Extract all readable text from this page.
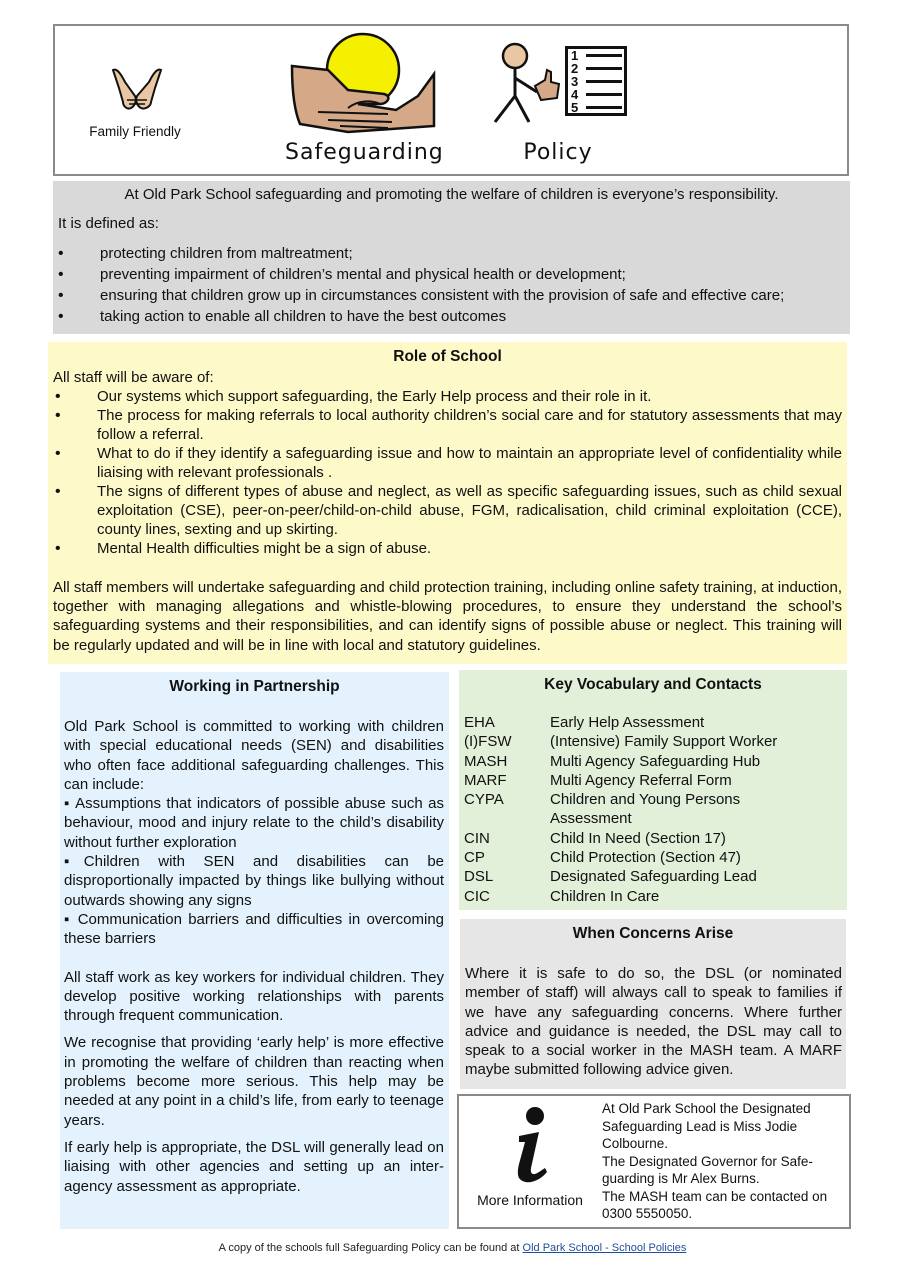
Family Friendly
Safeguarding
1
2
3
4
5
Policy
At Old Park School safeguarding and promoting the welfare of children is everyone’s responsibility.
It is defined as:
• protecting children from maltreatment;
• preventing impairment of children’s mental and physical health or development;
• ensuring that children grow up in circumstances consistent with the provision of safe and effective care;
• taking action to enable all children to have the best outcomes
Role of School
All staff will be aware of:
• Our systems which support safeguarding, the Early Help process and their role in it.
• The process for making referrals to local authority children’s social care and for statutory assessments that may follow a referral.
• What to do if they identify a safeguarding issue and how to maintain an appropriate level of confidentiality while liaising with relevant professionals .
• The signs of different types of abuse and neglect, as well as specific safeguarding issues, such as child sexual exploitation (CSE), peer-on-peer/child-on-child abuse, FGM, radicalisation, child criminal exploitation (CCE), county lines, sexting and up skirting.
• Mental Health difficulties might be a sign of abuse.

All staff members will undertake safeguarding and child protection training, including online safety training, at induction, together with managing allegations and whistle-blowing procedures, to ensure they understand the school’s safeguarding systems and their responsibilities, and can identify signs of possible abuse or neglect. This training will be regularly updated and will be in line with local and statutory guidelines.

Working in Partnership

Old Park School is committed to working with children with special educational needs (SEN) and disabilities who often face additional safeguarding challenges. This can include:

▪ Assumptions that indicators of possible abuse such as behaviour, mood and injury relate to the child’s disability without further exploration

▪Children with SEN and disabilities can be disproportionally impacted by things like bullying without outwards showing any signs

▪ Communication barriers and difficulties in overcoming these barriers

All staff work as key workers for individual children. They develop positive working relationships with parents through frequent communication.

We recognise that providing ‘early help’ is more effective in promoting the welfare of children than reacting when problems become more serious. This help may be needed at any point in a child’s life, from early to teenage years.

If early help is appropriate, the DSL will generally lead on liaising with other agencies and setting up an inter-agency assessment as appropriate.

Key Vocabulary and Contacts
EHA	Early Help Assessment
(I)FSW	(Intensive) Family Support Worker
MASH	Multi Agency Safeguarding Hub
MARF	Multi Agency Referral Form
CYPA	Children and Young Persons Assessment
CIN	Child In Need (Section 17)
CP	Child Protection (Section 47)
DSL	Designated Safeguarding Lead
CIC	Children In Care
When Concerns Arise

Where it is safe to do so, the DSL (or nominated member of staff) will always call to speak to families if we have any safeguarding concerns. Where further advice and guidance is needed, the DSL may call to speak to a social worker in the MASH team. A MARF maybe submitted following advice given.

More Information
At Old Park School the Designated Safeguarding Lead is Miss Jodie Colbourne.
The Designated Governor for Safe-guarding is Mr Alex Burns.
The MASH team can be contacted on 0300 5550050.
A copy of the schools full Safeguarding Policy can be found at Old Park School - School Policies
